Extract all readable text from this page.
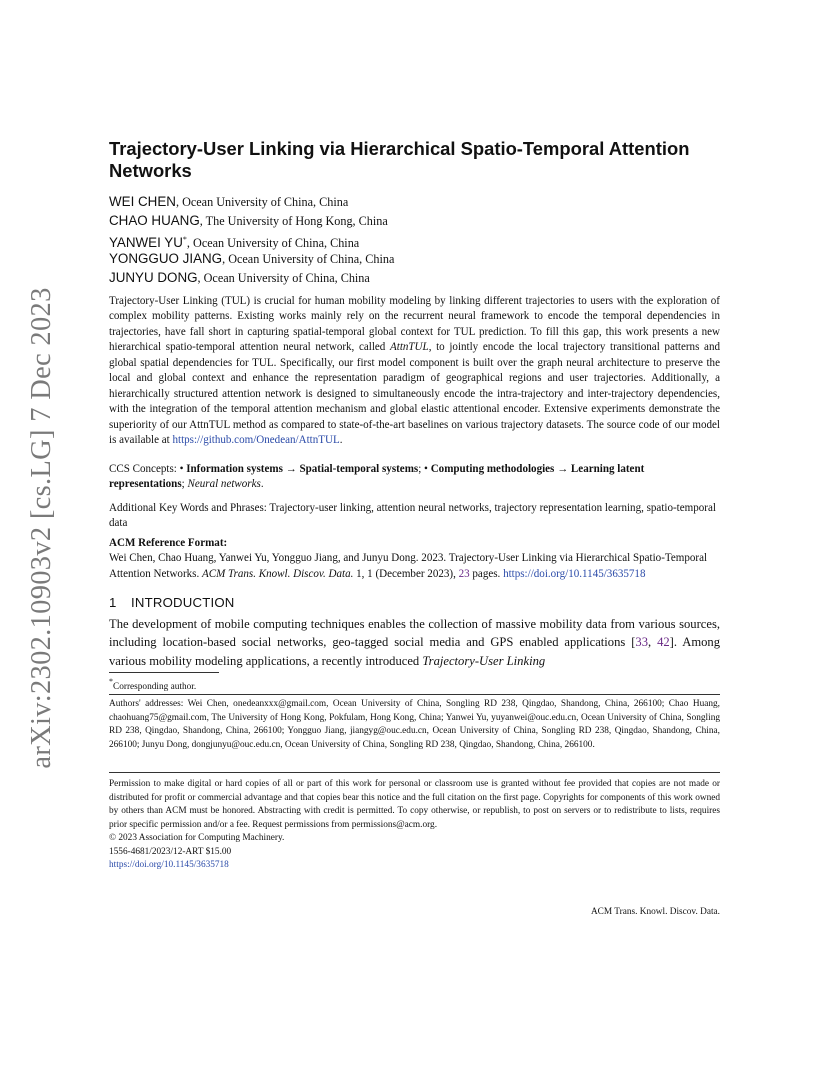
arXiv:2302.10903v2 [cs.LG] 7 Dec 2023
Trajectory-User Linking via Hierarchical Spatio-Temporal Attention Networks
WEI CHEN, Ocean University of China, China
CHAO HUANG, The University of Hong Kong, China
YANWEI YU*, Ocean University of China, China
YONGGUO JIANG, Ocean University of China, China
JUNYU DONG, Ocean University of China, China

Trajectory-User Linking (TUL) is crucial for human mobility modeling by linking different trajectories to users with the exploration of complex mobility patterns. Existing works mainly rely on the recurrent neural framework to encode the temporal dependencies in trajectories, have fall short in capturing spatial-temporal global context for TUL prediction. To fill this gap, this work presents a new hierarchical spatio-temporal attention neural network, called AttnTUL, to jointly encode the local trajectory transitional patterns and global spatial dependencies for TUL. Specifically, our first model component is built over the graph neural architecture to preserve the local and global context and enhance the representation paradigm of geographical regions and user trajectories. Additionally, a hierarchically structured attention network is designed to simultaneously encode the intra-trajectory and inter-trajectory dependencies, with the integration of the temporal attention mechanism and global elastic attentional encoder. Extensive experiments demonstrate the superiority of our AttnTUL method as compared to state-of-the-art baselines on various trajectory datasets. The source code of our model is available at https://github.com/Onedean/AttnTUL.

CCS Concepts: • Information systems → Spatial-temporal systems; • Computing methodologies → Learning latent representations; Neural networks.

Additional Key Words and Phrases: Trajectory-user linking, attention neural networks, trajectory representation learning, spatio-temporal data

ACM Reference Format:

Wei Chen, Chao Huang, Yanwei Yu, Yongguo Jiang, and Junyu Dong. 2023. Trajectory-User Linking via Hierarchical Spatio-Temporal Attention Networks. ACM Trans. Knowl. Discov. Data. 1, 1 (December 2023), 23 pages. https://doi.org/10.1145/3635718

1 INTRODUCTION

The development of mobile computing techniques enables the collection of massive mobility data from various sources, including location-based social networks, geo-tagged social media and GPS enabled applications [33, 42]. Among various mobility modeling applications, a recently introduced Trajectory-User Linking

*Corresponding author.

Authors' addresses: Wei Chen, onedeanxxx@gmail.com, Ocean University of China, Songling RD 238, Qingdao, Shandong, China, 266100; Chao Huang, chaohuang75@gmail.com, The University of Hong Kong, Pokfulam, Hong Kong, China; Yanwei Yu, yuyanwei@ouc.edu.cn, Ocean University of China, Songling RD 238, Qingdao, Shandong, China, 266100; Yongguo Jiang, jiangyg@ouc.edu.cn, Ocean University of China, Songling RD 238, Qingdao, Shandong, China, 266100; Junyu Dong, dongjunyu@ouc.edu.cn, Ocean University of China, Songling RD 238, Qingdao, Shandong, China, 266100.

Permission to make digital or hard copies of all or part of this work for personal or classroom use is granted without fee provided that copies are not made or distributed for profit or commercial advantage and that copies bear this notice and the full citation on the first page. Copyrights for components of this work owned by others than ACM must be honored. Abstracting with credit is permitted. To copy otherwise, or republish, to post on servers or to redistribute to lists, requires prior specific permission and/or a fee. Request permissions from permissions@acm.org.

© 2023 Association for Computing Machinery.

1556-4681/2023/12-ART $15.00

https://doi.org/10.1145/3635718

ACM Trans. Knowl. Discov. Data.
